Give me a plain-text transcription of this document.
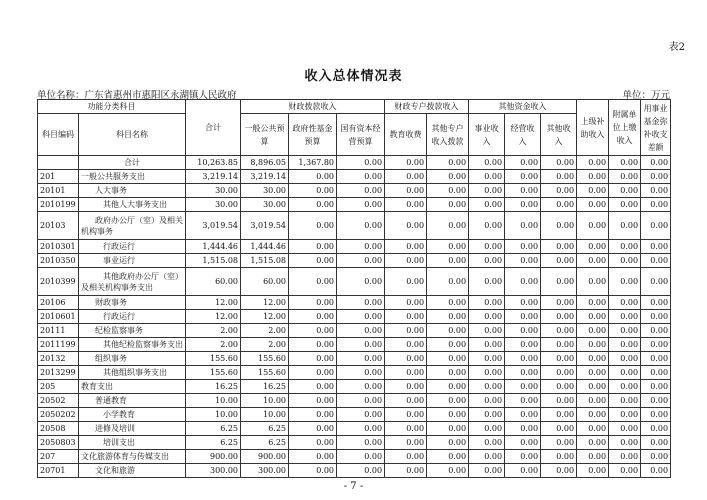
表2
收入总体情况表
单位名称：广东省惠州市惠阳区永湖镇人民政府	单位：万元
功能分类科目		合计	财政拨款收入			财政专户拨款收入		其他资金收入			上级补助收入	附属单位上缴收入	用事业基金弥补收支差额
科目编码	科目名称		一般公共预算	政府性基金预算	国有资本经营预算	教育收费	其他专户收入拨款	事业收入	经营收入	其他收入			
	合计	10,263.85	8,896.05	1,367.80	0.00	0.00	0.00	0.00	0.00	0.00	0.00	0.00	0.00
201	一般公共服务支出	3,219.14	3,219.14	0.00	0.00	0.00	0.00	0.00	0.00	0.00	0.00	0.00	0.00
20101	人大事务	30.00	30.00	0.00	0.00	0.00	0.00	0.00	0.00	0.00	0.00	0.00	0.00
2010199	其他人大事务支出	30.00	30.00	0.00	0.00	0.00	0.00	0.00	0.00	0.00	0.00	0.00	0.00
20103	政府办公厅（室）及相关机构事务	3,019.54	3,019.54	0.00	0.00	0.00	0.00	0.00	0.00	0.00	0.00	0.00	0.00
2010301	行政运行	1,444.46	1,444.46	0.00	0.00	0.00	0.00	0.00	0.00	0.00	0.00	0.00	0.00
2010350	事业运行	1,515.08	1,515.08	0.00	0.00	0.00	0.00	0.00	0.00	0.00	0.00	0.00	0.00
2010399	其他政府办公厅（室）及相关机构事务支出	60.00	60.00	0.00	0.00	0.00	0.00	0.00	0.00	0.00	0.00	0.00	0.00
20106	财政事务	12.00	12.00	0.00	0.00	0.00	0.00	0.00	0.00	0.00	0.00	0.00	0.00
2010601	行政运行	12.00	12.00	0.00	0.00	0.00	0.00	0.00	0.00	0.00	0.00	0.00	0.00
20111	纪检监察事务	2.00	2.00	0.00	0.00	0.00	0.00	0.00	0.00	0.00	0.00	0.00	0.00
2011199	其他纪检监察事务支出	2.00	2.00	0.00	0.00	0.00	0.00	0.00	0.00	0.00	0.00	0.00	0.00
20132	组织事务	155.60	155.60	0.00	0.00	0.00	0.00	0.00	0.00	0.00	0.00	0.00	0.00
2013299	其他组织事务支出	155.60	155.60	0.00	0.00	0.00	0.00	0.00	0.00	0.00	0.00	0.00	0.00
205	教育支出	16.25	16.25	0.00	0.00	0.00	0.00	0.00	0.00	0.00	0.00	0.00	0.00
20502	普通教育	10.00	10.00	0.00	0.00	0.00	0.00	0.00	0.00	0.00	0.00	0.00	0.00
2050202	小学教育	10.00	10.00	0.00	0.00	0.00	0.00	0.00	0.00	0.00	0.00	0.00	0.00
20508	进修及培训	6.25	6.25	0.00	0.00	0.00	0.00	0.00	0.00	0.00	0.00	0.00	0.00
2050803	培训支出	6.25	6.25	0.00	0.00	0.00	0.00	0.00	0.00	0.00	0.00	0.00	0.00
207	文化旅游体育与传媒支出	900.00	900.00	0.00	0.00	0.00	0.00	0.00	0.00	0.00	0.00	0.00	0.00
20701	文化和旅游	300.00	300.00	0.00	0.00	0.00	0.00	0.00	0.00	0.00	0.00	0.00	0.00
- 7 -
